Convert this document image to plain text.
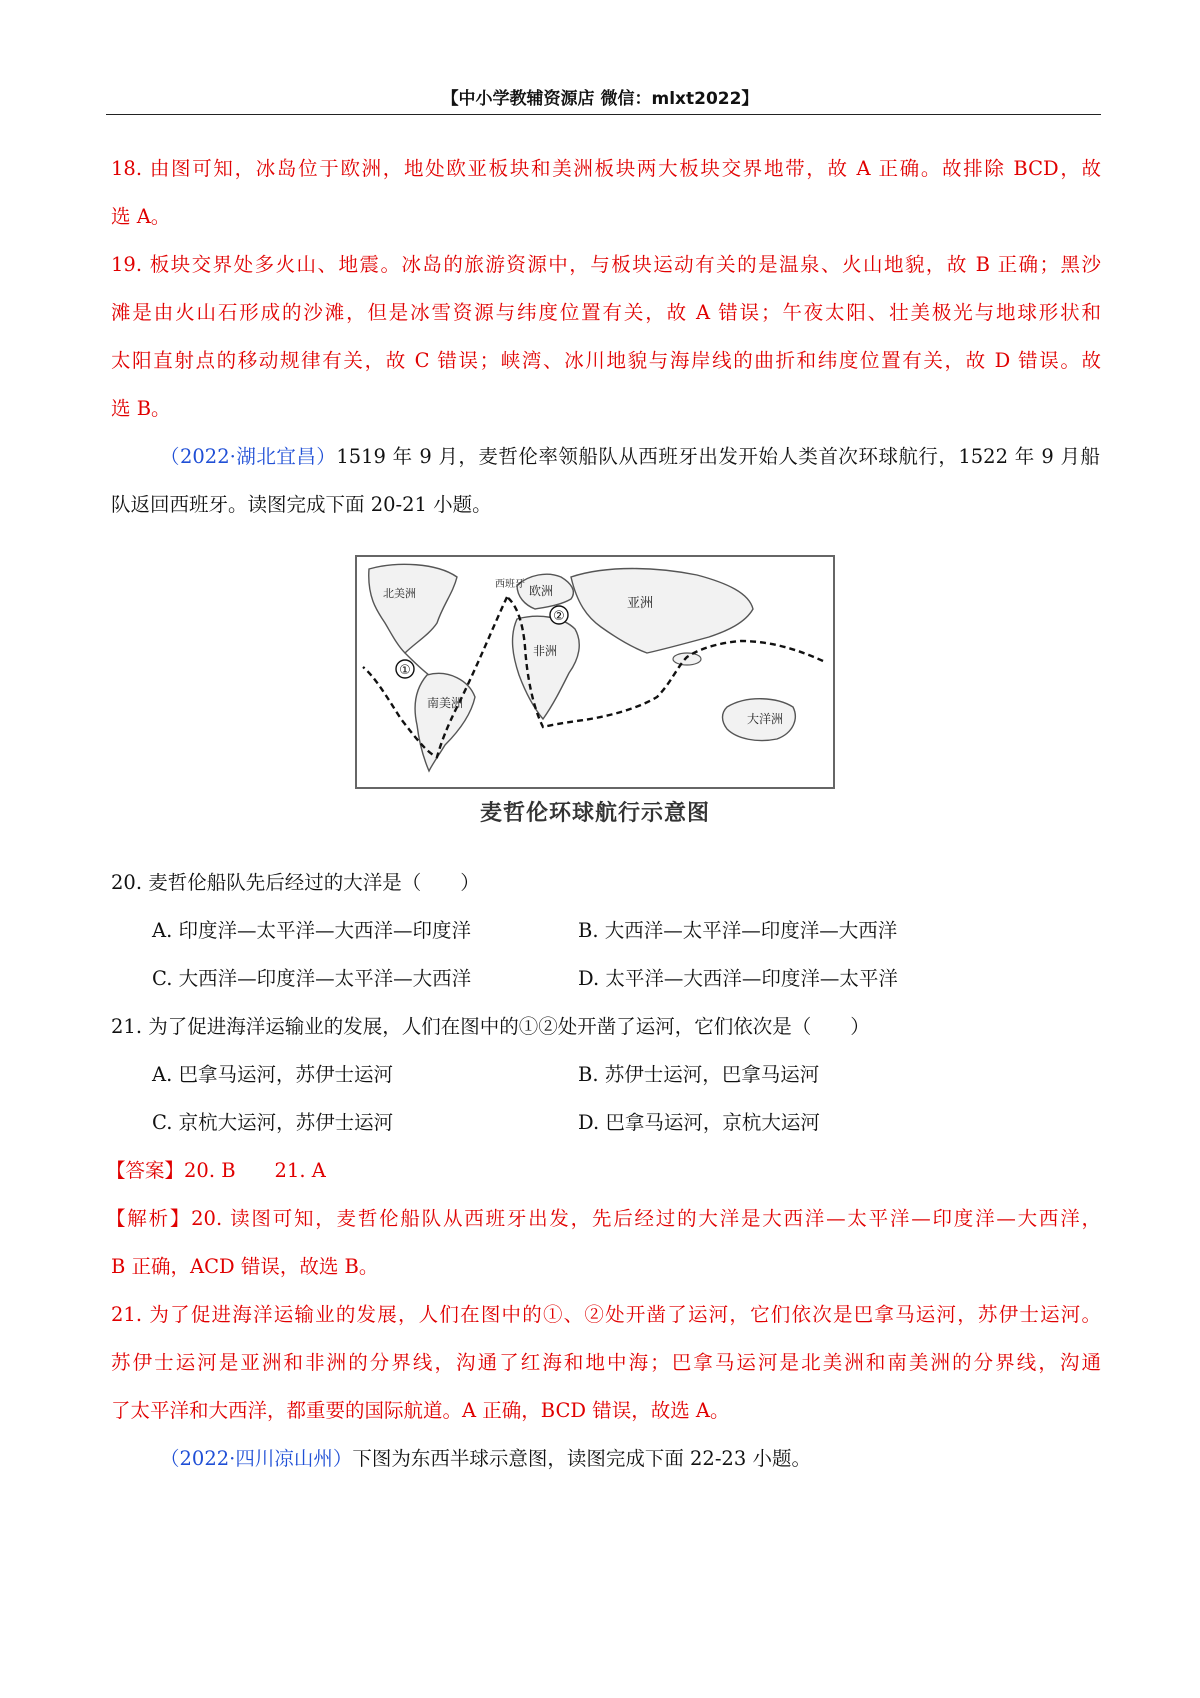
【中小学教辅资源店 微信：mlxt2022】
18. 由图可知，冰岛位于欧洲，地处欧亚板块和美洲板块两大板块交界地带，故 A 正确。故排除 BCD，故
选 A。
19. 板块交界处多火山、地震。冰岛的旅游资源中，与板块运动有关的是温泉、火山地貌，故 B 正确；黑沙
滩是由火山石形成的沙滩，但是冰雪资源与纬度位置有关，故 A 错误；午夜太阳、壮美极光与地球形状和
太阳直射点的移动规律有关，故 C 错误；峡湾、冰川地貌与海岸线的曲折和纬度位置有关，故 D 错误。故
选 B。
（2022·湖北宜昌）1519 年 9 月，麦哲伦率领船队从西班牙出发开始人类首次环球航行，1522 年 9 月船
队返回西班牙。读图完成下面 20-21 小题。
①
②
北美洲
南美洲
欧洲
非洲
亚洲
大洋洲
西班牙
麦哲伦环球航行示意图
20. 麦哲伦船队先后经过的大洋是（　　）
A. 印度洋—太平洋—大西洋—印度洋	B. 大西洋—太平洋—印度洋—大西洋
C. 大西洋—印度洋—太平洋—大西洋	D. 太平洋—大西洋—印度洋—太平洋
21. 为了促进海洋运输业的发展，人们在图中的①②处开凿了运河，它们依次是（　　）
A. 巴拿马运河，苏伊士运河	B. 苏伊士运河，巴拿马运河
C. 京杭大运河，苏伊士运河	D. 巴拿马运河，京杭大运河
【答案】20. B　　21. A
【解析】20. 读图可知，麦哲伦船队从西班牙出发，先后经过的大洋是大西洋—太平洋—印度洋—大西洋，
B 正确，ACD 错误，故选 B。
21. 为了促进海洋运输业的发展，人们在图中的①、②处开凿了运河，它们依次是巴拿马运河，苏伊士运河。
苏伊士运河是亚洲和非洲的分界线，沟通了红海和地中海；巴拿马运河是北美洲和南美洲的分界线，沟通
了太平洋和大西洋，都重要的国际航道。A 正确，BCD 错误，故选 A。
（2022·四川凉山州）下图为东西半球示意图，读图完成下面 22-23 小题。
